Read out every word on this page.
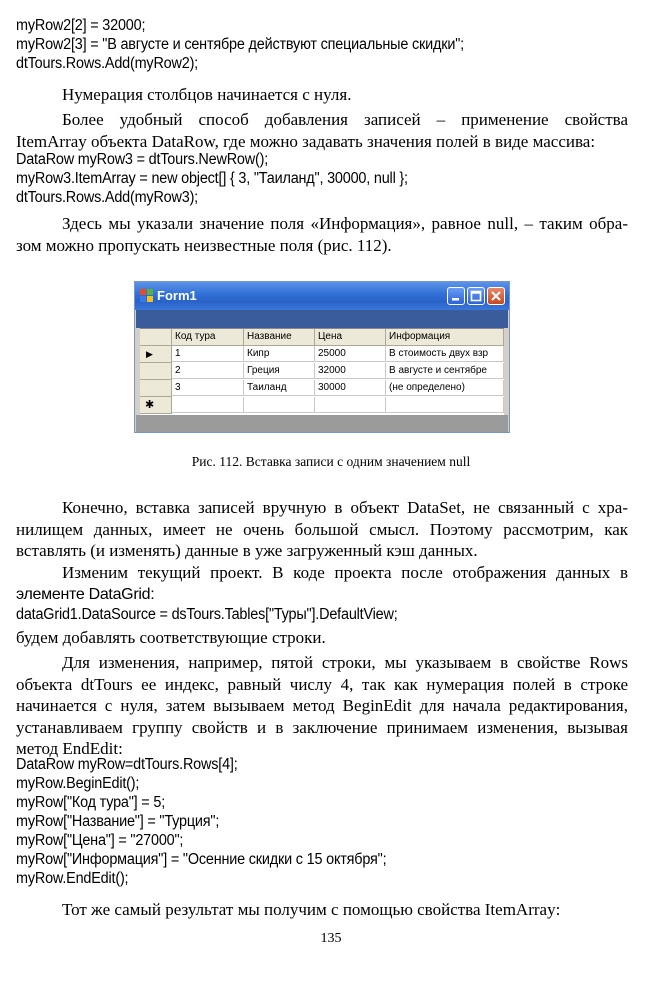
myRow2[2] = 32000;
myRow2[3] = "В августе и сентябре действуют специальные скидки";
dtTours.Rows.Add(myRow2);
Нумерация столбцов начинается с нуля.
Более удобный способ добавления записей – применение свойства
ItemArray объекта DataRow, где можно задавать значения полей в виде массива:
DataRow myRow3 = dtTours.NewRow();
myRow3.ItemArray = new object[] { 3, "Таиланд", 30000, null };
dtTours.Rows.Add(myRow3);
Здесь мы указали значение поля «Информация», равное null, – таким обра-
зом можно пропускать неизвестные поля (рис. 112).
Form1
Код тура	Название	Цена	Информация
▶	1	Кипр	25000	В стоимость двух взр
2	Греция	32000	В августе и сентябре
3	Таиланд	30000	(не определено)
✱
Рис. 112. Вставка записи с одним значением null
Конечно, вставка записей вручную в объект DataSet, не связанный с хра-
нилищем данных, имеет не очень большой смысл. Поэтому рассмотрим, как
вставлять (и изменять) данные в уже загруженный кэш данных.
Изменим текущий проект. В коде проекта после отображения данных в
элементе DataGrid:
dataGrid1.DataSource = dsTours.Tables["Туры"].DefaultView;
будем добавлять соответствующие строки.
Для изменения, например, пятой строки, мы указываем в свойстве Rows
объекта dtTours ее индекс, равный числу 4, так как нумерация полей в строке
начинается с нуля, затем вызываем метод BeginEdit для начала редактирования,
устанавливаем группу свойств и в заключение принимаем изменения, вызывая
метод EndEdit:
DataRow myRow=dtTours.Rows[4];
myRow.BeginEdit();
myRow["Код тура"] = 5;
myRow["Название"] = "Турция";
myRow["Цена"] = "27000";
myRow["Информация"] = "Осенние скидки с 15 октября";
myRow.EndEdit();
Тот же самый результат мы получим с помощью свойства ItemArray:
135
